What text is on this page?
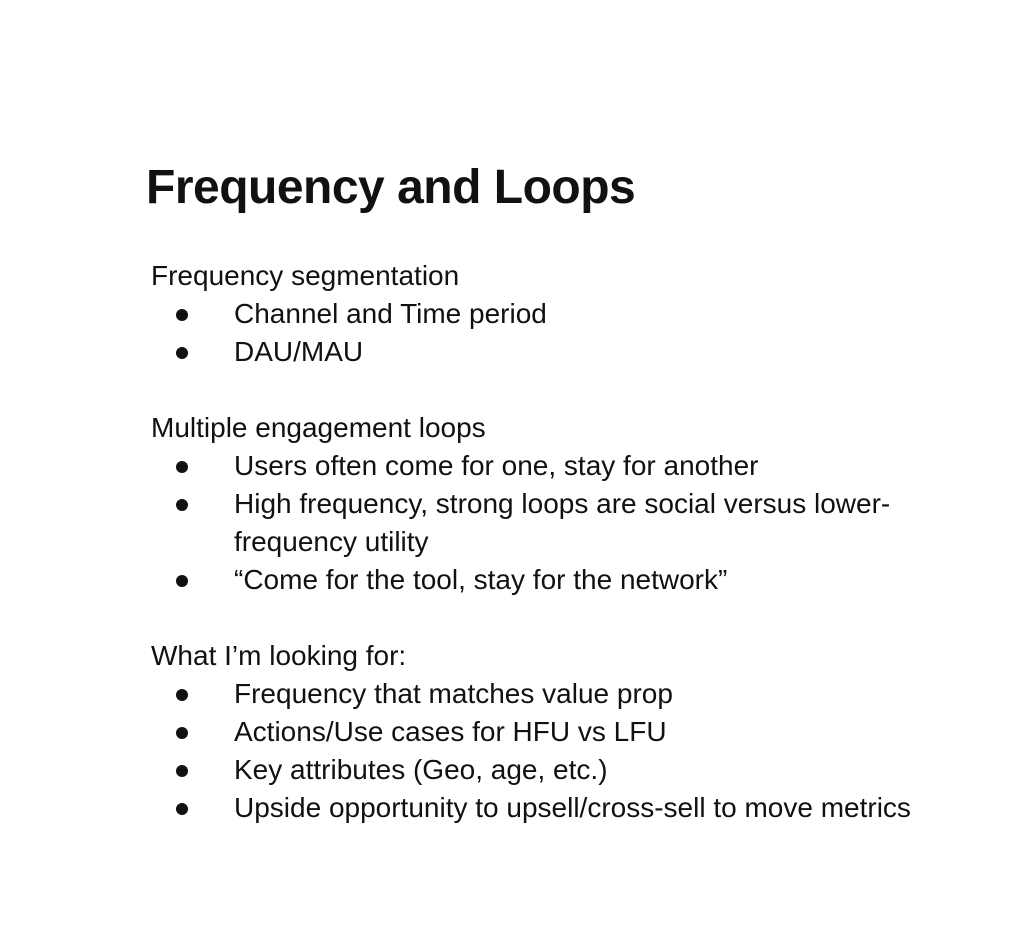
Frequency and Loops

Frequency segmentation

Channel and Time period
DAU/MAU

Multiple engagement loops

Users often come for one, stay for another
High frequency, strong loops are social versus lower-frequency utility
“Come for the tool, stay for the network”

What I’m looking for:

Frequency that matches value prop
Actions/Use cases for HFU vs LFU
Key attributes (Geo, age, etc.)
Upside opportunity to upsell/cross-sell to move metrics
